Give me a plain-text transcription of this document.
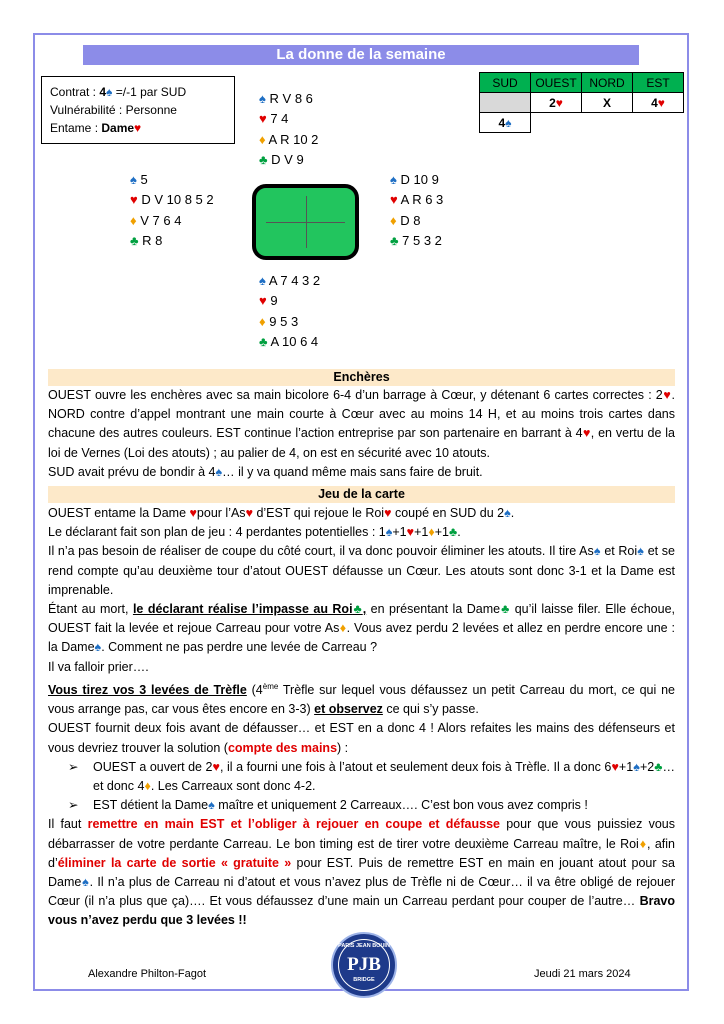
La donne de la semaine
Contrat : 4♠ =/-1 par SUD
Vulnérabilité : Personne
Entame : Dame♥
SUD	OUEST	NORD	EST
	2♥	X	4♥
4♠			
♠ R V 8 6
♥ 7 4
♦ A R 10 2
♣ D V 9
♠ 5
♥ D V 10 8 5 2
♦ V 7 6 4
♣ R 8
♠ D 10 9
♥ A R 6 3
♦ D 8
♣ 7 5 3 2
♠ A 7 4 3 2
♥ 9
♦ 9 5 3
♣ A 10 6 4
Enchères

OUEST ouvre les enchères avec sa main bicolore 6-4 d’un barrage à Cœur, y détenant 6 cartes correctes : 2♥. NORD contre d’appel montrant une main courte à Cœur avec au moins 14 H, et au moins trois cartes dans chacune des autres couleurs. EST continue l’action entreprise par son partenaire en barrant à 4♥, en vertu de la loi de Vernes (Loi des atouts) ; au palier de 4, on est en sécurité avec 10 atouts.

SUD avait prévu de bondir à 4♠… il y va quand même mais sans faire de bruit.

Jeu de la carte

OUEST entame la Dame ♥pour l’As♥ d’EST qui rejoue le Roi♥ coupé en SUD du 2♠.

Le déclarant fait son plan de jeu : 4 perdantes potentielles : 1♠+1♥+1♦+1♣.

Il n’a pas besoin de réaliser de coupe du côté court, il va donc pouvoir éliminer les atouts. Il tire As♠ et Roi♠ et se rend compte qu’au deuxième tour d’atout OUEST défausse un Cœur. Les atouts sont donc 3-1 et la Dame est imprenable.

Étant au mort, le déclarant réalise l’impasse au Roi♣, en présentant la Dame♣ qu’il laisse filer. Elle échoue, OUEST fait la levée et rejoue Carreau pour votre As♦. Vous avez perdu 2 levées et allez en perdre encore une : la Dame♠. Comment ne pas perdre une levée de Carreau ?

Il va falloir prier….

Vous tirez vos 3 levées de Trèfle (4ème Trèfle sur lequel vous défaussez un petit Carreau du mort, ce qui ne vous arrange pas, car vous êtes encore en 3-3) et observez ce qui s’y passe.

OUEST fournit deux fois avant de défausser… et EST en a donc 4 ! Alors refaites les mains des défenseurs et vous devriez trouver la solution (compte des mains) :

➢ OUEST a ouvert de 2♥, il a fourni une fois à l’atout et seulement deux fois à Trèfle. Il a donc 6♥+1♠+2♣…et donc 4♦. Les Carreaux sont donc 4-2.

➢ EST détient la Dame♠ maître et uniquement 2 Carreaux…. C’est bon vous avez compris !

Il faut remettre en main EST et l’obliger à rejouer en coupe et défausse pour que vous puissiez vous débarrasser de votre perdante Carreau. Le bon timing est de tirer votre deuxième Carreau maître, le Roi♦, afin d’éliminer la carte de sortie « gratuite » pour EST. Puis de remettre EST en main en jouant atout pour sa Dame♠. Il n’a plus de Carreau ni d’atout et vous n’avez plus de Trèfle ni de Cœur… il va être obligé de rejouer Cœur (il n’a plus que ça)…. Et vous défaussez d’une main un Carreau perdant pour couper de l’autre… Bravo vous n’avez perdu que 3 levées !!

Alexandre Philton-Fagot
PARIS JEAN BOUIN
PJB
BRIDGE	Jeudi 21 mars 2024
